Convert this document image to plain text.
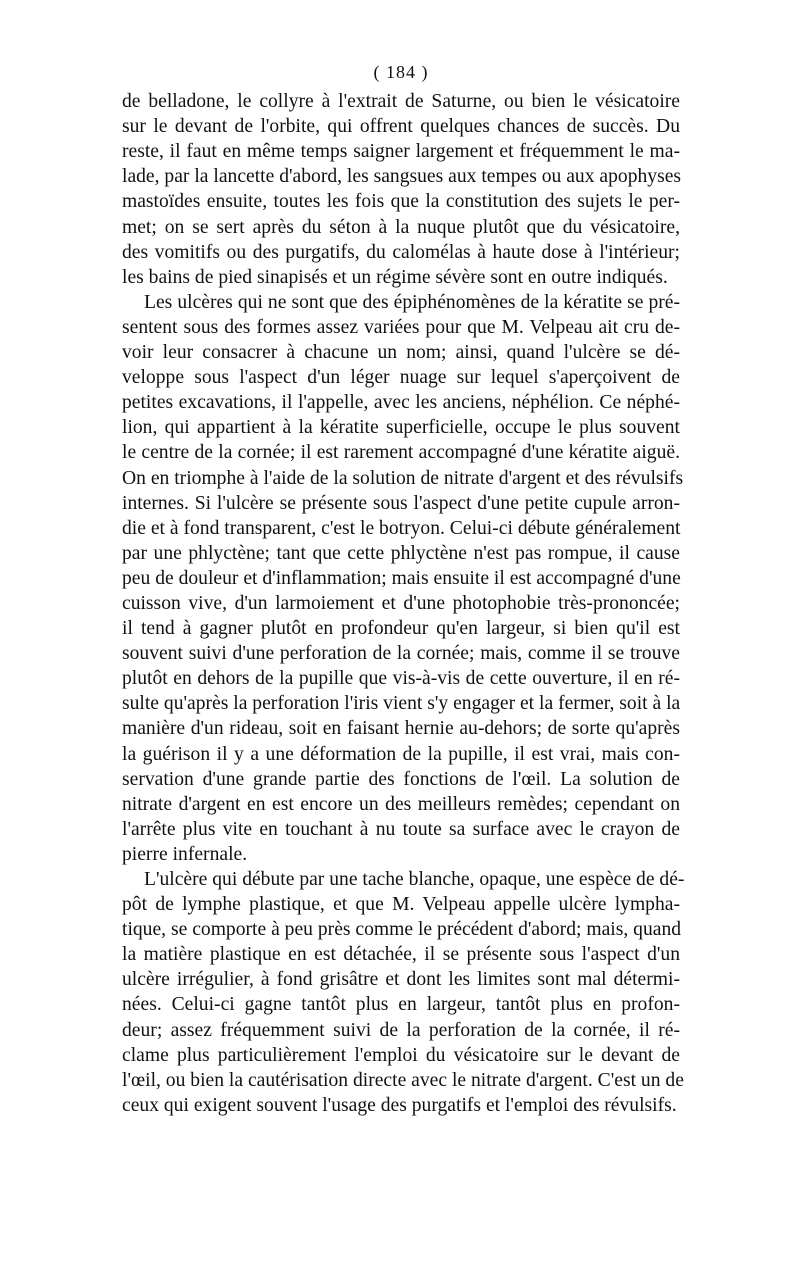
( 184 )
de belladone, le collyre à l'extrait de Saturne, ou bien le vésicatoire
sur le devant de l'orbite, qui offrent quelques chances de succès. Du
reste, il faut en même temps saigner largement et fréquemment le ma-
lade, par la lancette d'abord, les sangsues aux tempes ou aux apophyses
mastoïdes ensuite, toutes les fois que la constitution des sujets le per-
met; on se sert après du séton à la nuque plutôt que du vésicatoire,
des vomitifs ou des purgatifs, du calomélas à haute dose à l'intérieur;
les bains de pied sinapisés et un régime sévère sont en outre indiqués.
Les ulcères qui ne sont que des épiphénomènes de la kératite se pré-
sentent sous des formes assez variées pour que M. Velpeau ait cru de-
voir leur consacrer à chacune un nom; ainsi, quand l'ulcère se dé-
veloppe sous l'aspect d'un léger nuage sur lequel s'aperçoivent de
petites excavations, il l'appelle, avec les anciens, néphélion. Ce néphé-
lion, qui appartient à la kératite superficielle, occupe le plus souvent
le centre de la cornée; il est rarement accompagné d'une kératite aiguë.
On en triomphe à l'aide de la solution de nitrate d'argent et des révulsifs
internes. Si l'ulcère se présente sous l'aspect d'une petite cupule arron-
die et à fond transparent, c'est le botryon. Celui-ci débute généralement
par une phlyctène; tant que cette phlyctène n'est pas rompue, il cause
peu de douleur et d'inflammation; mais ensuite il est accompagné d'une
cuisson vive, d'un larmoiement et d'une photophobie très-prononcée;
il tend à gagner plutôt en profondeur qu'en largeur, si bien qu'il est
souvent suivi d'une perforation de la cornée; mais, comme il se trouve
plutôt en dehors de la pupille que vis-à-vis de cette ouverture, il en ré-
sulte qu'après la perforation l'iris vient s'y engager et la fermer, soit à la
manière d'un rideau, soit en faisant hernie au-dehors; de sorte qu'après
la guérison il y a une déformation de la pupille, il est vrai, mais con-
servation d'une grande partie des fonctions de l'œil. La solution de
nitrate d'argent en est encore un des meilleurs remèdes; cependant on
l'arrête plus vite en touchant à nu toute sa surface avec le crayon de
pierre infernale.
L'ulcère qui débute par une tache blanche, opaque, une espèce de dé-
pôt de lymphe plastique, et que M. Velpeau appelle ulcère lympha-
tique, se comporte à peu près comme le précédent d'abord; mais, quand
la matière plastique en est détachée, il se présente sous l'aspect d'un
ulcère irrégulier, à fond grisâtre et dont les limites sont mal détermi-
nées. Celui-ci gagne tantôt plus en largeur, tantôt plus en profon-
deur; assez fréquemment suivi de la perforation de la cornée, il ré-
clame plus particulièrement l'emploi du vésicatoire sur le devant de
l'œil, ou bien la cautérisation directe avec le nitrate d'argent. C'est un de
ceux qui exigent souvent l'usage des purgatifs et l'emploi des révulsifs.
